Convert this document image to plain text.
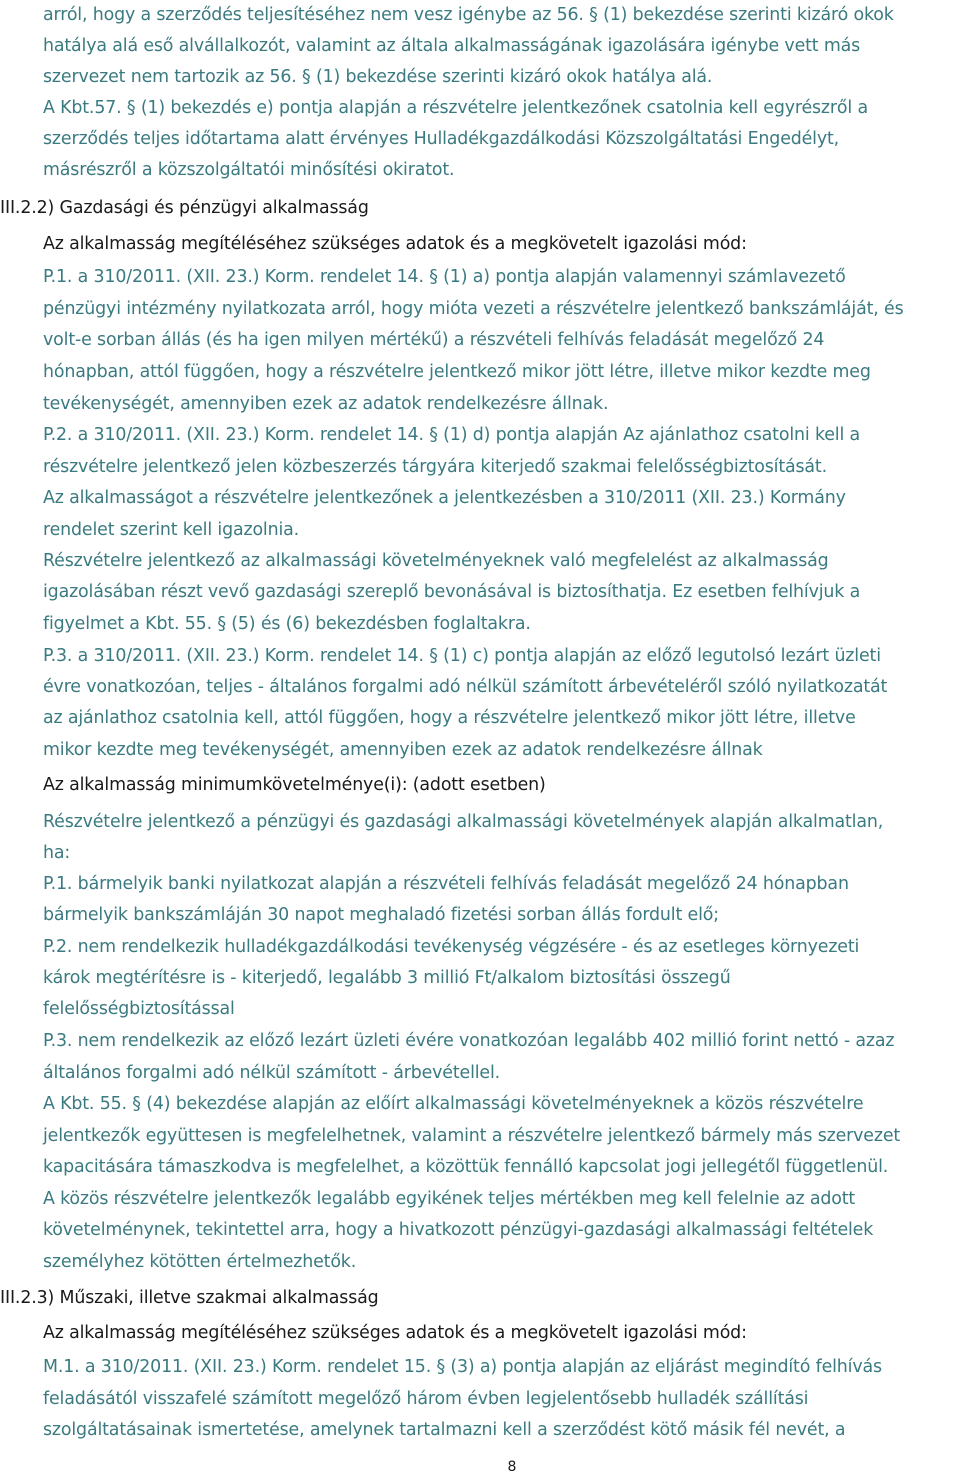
arról, hogy a szerződés teljesítéséhez nem vesz igénybe az 56. § (1) bekezdése szerinti kizáró okok
hatálya alá eső alvállalkozót, valamint az általa alkalmasságának igazolására igénybe vett más
szervezet nem tartozik az 56. § (1) bekezdése szerinti kizáró okok hatálya alá.
A Kbt.57. § (1) bekezdés e) pontja alapján a részvételre jelentkezőnek csatolnia kell egyrészről a
szerződés teljes időtartama alatt érvényes Hulladékgazdálkodási Közszolgáltatási Engedélyt,
másrészről a közszolgáltatói minősítési okiratot.
III.2.2) Gazdasági és pénzügyi alkalmasság
Az alkalmasság megítéléséhez szükséges adatok és a megkövetelt igazolási mód:
P.1. a 310/2011. (XII. 23.) Korm. rendelet 14. § (1) a) pontja alapján valamennyi számlavezető
pénzügyi intézmény nyilatkozata arról, hogy mióta vezeti a részvételre jelentkező bankszámláját, és
volt-e sorban állás (és ha igen milyen mértékű) a részvételi felhívás feladását megelőző 24
hónapban, attól függően, hogy a részvételre jelentkező mikor jött létre, illetve mikor kezdte meg
tevékenységét, amennyiben ezek az adatok rendelkezésre állnak.
P.2. a 310/2011. (XII. 23.) Korm. rendelet 14. § (1) d) pontja alapján Az ajánlathoz csatolni kell a
részvételre jelentkező jelen közbeszerzés tárgyára kiterjedő szakmai felelősségbiztosítását.
Az alkalmasságot a részvételre jelentkezőnek a jelentkezésben a 310/2011 (XII. 23.) Kormány
rendelet szerint kell igazolnia.
Részvételre jelentkező az alkalmassági követelményeknek való megfelelést az alkalmasság
igazolásában részt vevő gazdasági szereplő bevonásával is biztosíthatja. Ez esetben felhívjuk a
figyelmet a Kbt. 55. § (5) és (6) bekezdésben foglaltakra.
P.3. a 310/2011. (XII. 23.) Korm. rendelet 14. § (1) c) pontja alapján az előző legutolsó lezárt üzleti
évre vonatkozóan, teljes - általános forgalmi adó nélkül számított árbevételéről szóló nyilatkozatát
az ajánlathoz csatolnia kell, attól függően, hogy a részvételre jelentkező mikor jött létre, illetve
mikor kezdte meg tevékenységét, amennyiben ezek az adatok rendelkezésre állnak
Az alkalmasság minimumkövetelménye(i): (adott esetben)
Részvételre jelentkező a pénzügyi és gazdasági alkalmassági követelmények alapján alkalmatlan,
ha:
P.1. bármelyik banki nyilatkozat alapján a részvételi felhívás feladását megelőző 24 hónapban
bármelyik bankszámláján 30 napot meghaladó fizetési sorban állás fordult elő;
P.2. nem rendelkezik hulladékgazdálkodási tevékenység végzésére - és az esetleges környezeti
károk megtérítésre is - kiterjedő, legalább 3 millió Ft/alkalom biztosítási összegű
felelősségbiztosítással
P.3. nem rendelkezik az előző lezárt üzleti évére vonatkozóan legalább 402 millió forint nettó - azaz
általános forgalmi adó nélkül számított - árbevétellel.
A Kbt. 55. § (4) bekezdése alapján az előírt alkalmassági követelményeknek a közös részvételre
jelentkezők együttesen is megfelelhetnek, valamint a részvételre jelentkező bármely más szervezet
kapacitására támaszkodva is megfelelhet, a közöttük fennálló kapcsolat jogi jellegétől függetlenül.
A közös részvételre jelentkezők legalább egyikének teljes mértékben meg kell felelnie az adott
követelménynek, tekintettel arra, hogy a hivatkozott pénzügyi-gazdasági alkalmassági feltételek
személyhez kötötten értelmezhetők.
III.2.3) Műszaki, illetve szakmai alkalmasság
Az alkalmasság megítéléséhez szükséges adatok és a megkövetelt igazolási mód:
M.1. a 310/2011. (XII. 23.) Korm. rendelet 15. § (3) a) pontja alapján az eljárást megindító felhívás
feladásától visszafelé számított megelőző három évben legjelentősebb hulladék szállítási
szolgáltatásainak ismertetése, amelynek tartalmazni kell a szerződést kötő másik fél nevét, a
8
